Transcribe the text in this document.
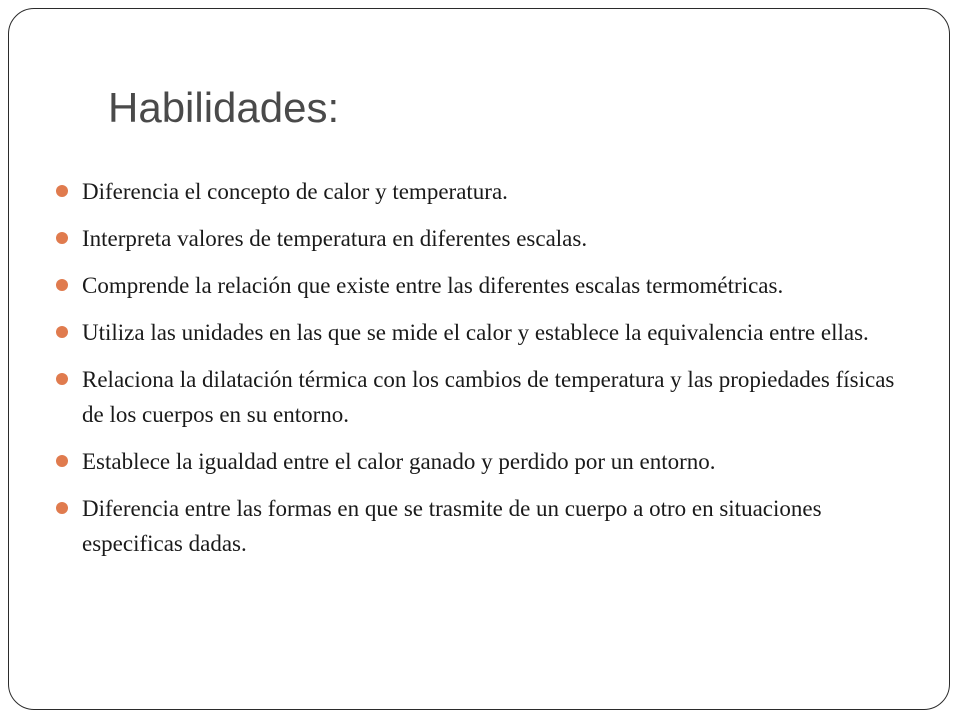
Habilidades:
Diferencia el concepto de calor y temperatura.
Interpreta valores de temperatura en diferentes escalas.
Comprende la relación que existe entre las diferentes escalas termométricas.
Utiliza las unidades en las que se mide el calor y establece la equivalencia entre ellas.
Relaciona la dilatación térmica con los cambios de temperatura y las propiedades físicas de los cuerpos en su entorno.
Establece la igualdad entre el calor ganado y perdido por un entorno.
Diferencia entre las formas en que se trasmite de un cuerpo a otro en situaciones especificas dadas.
